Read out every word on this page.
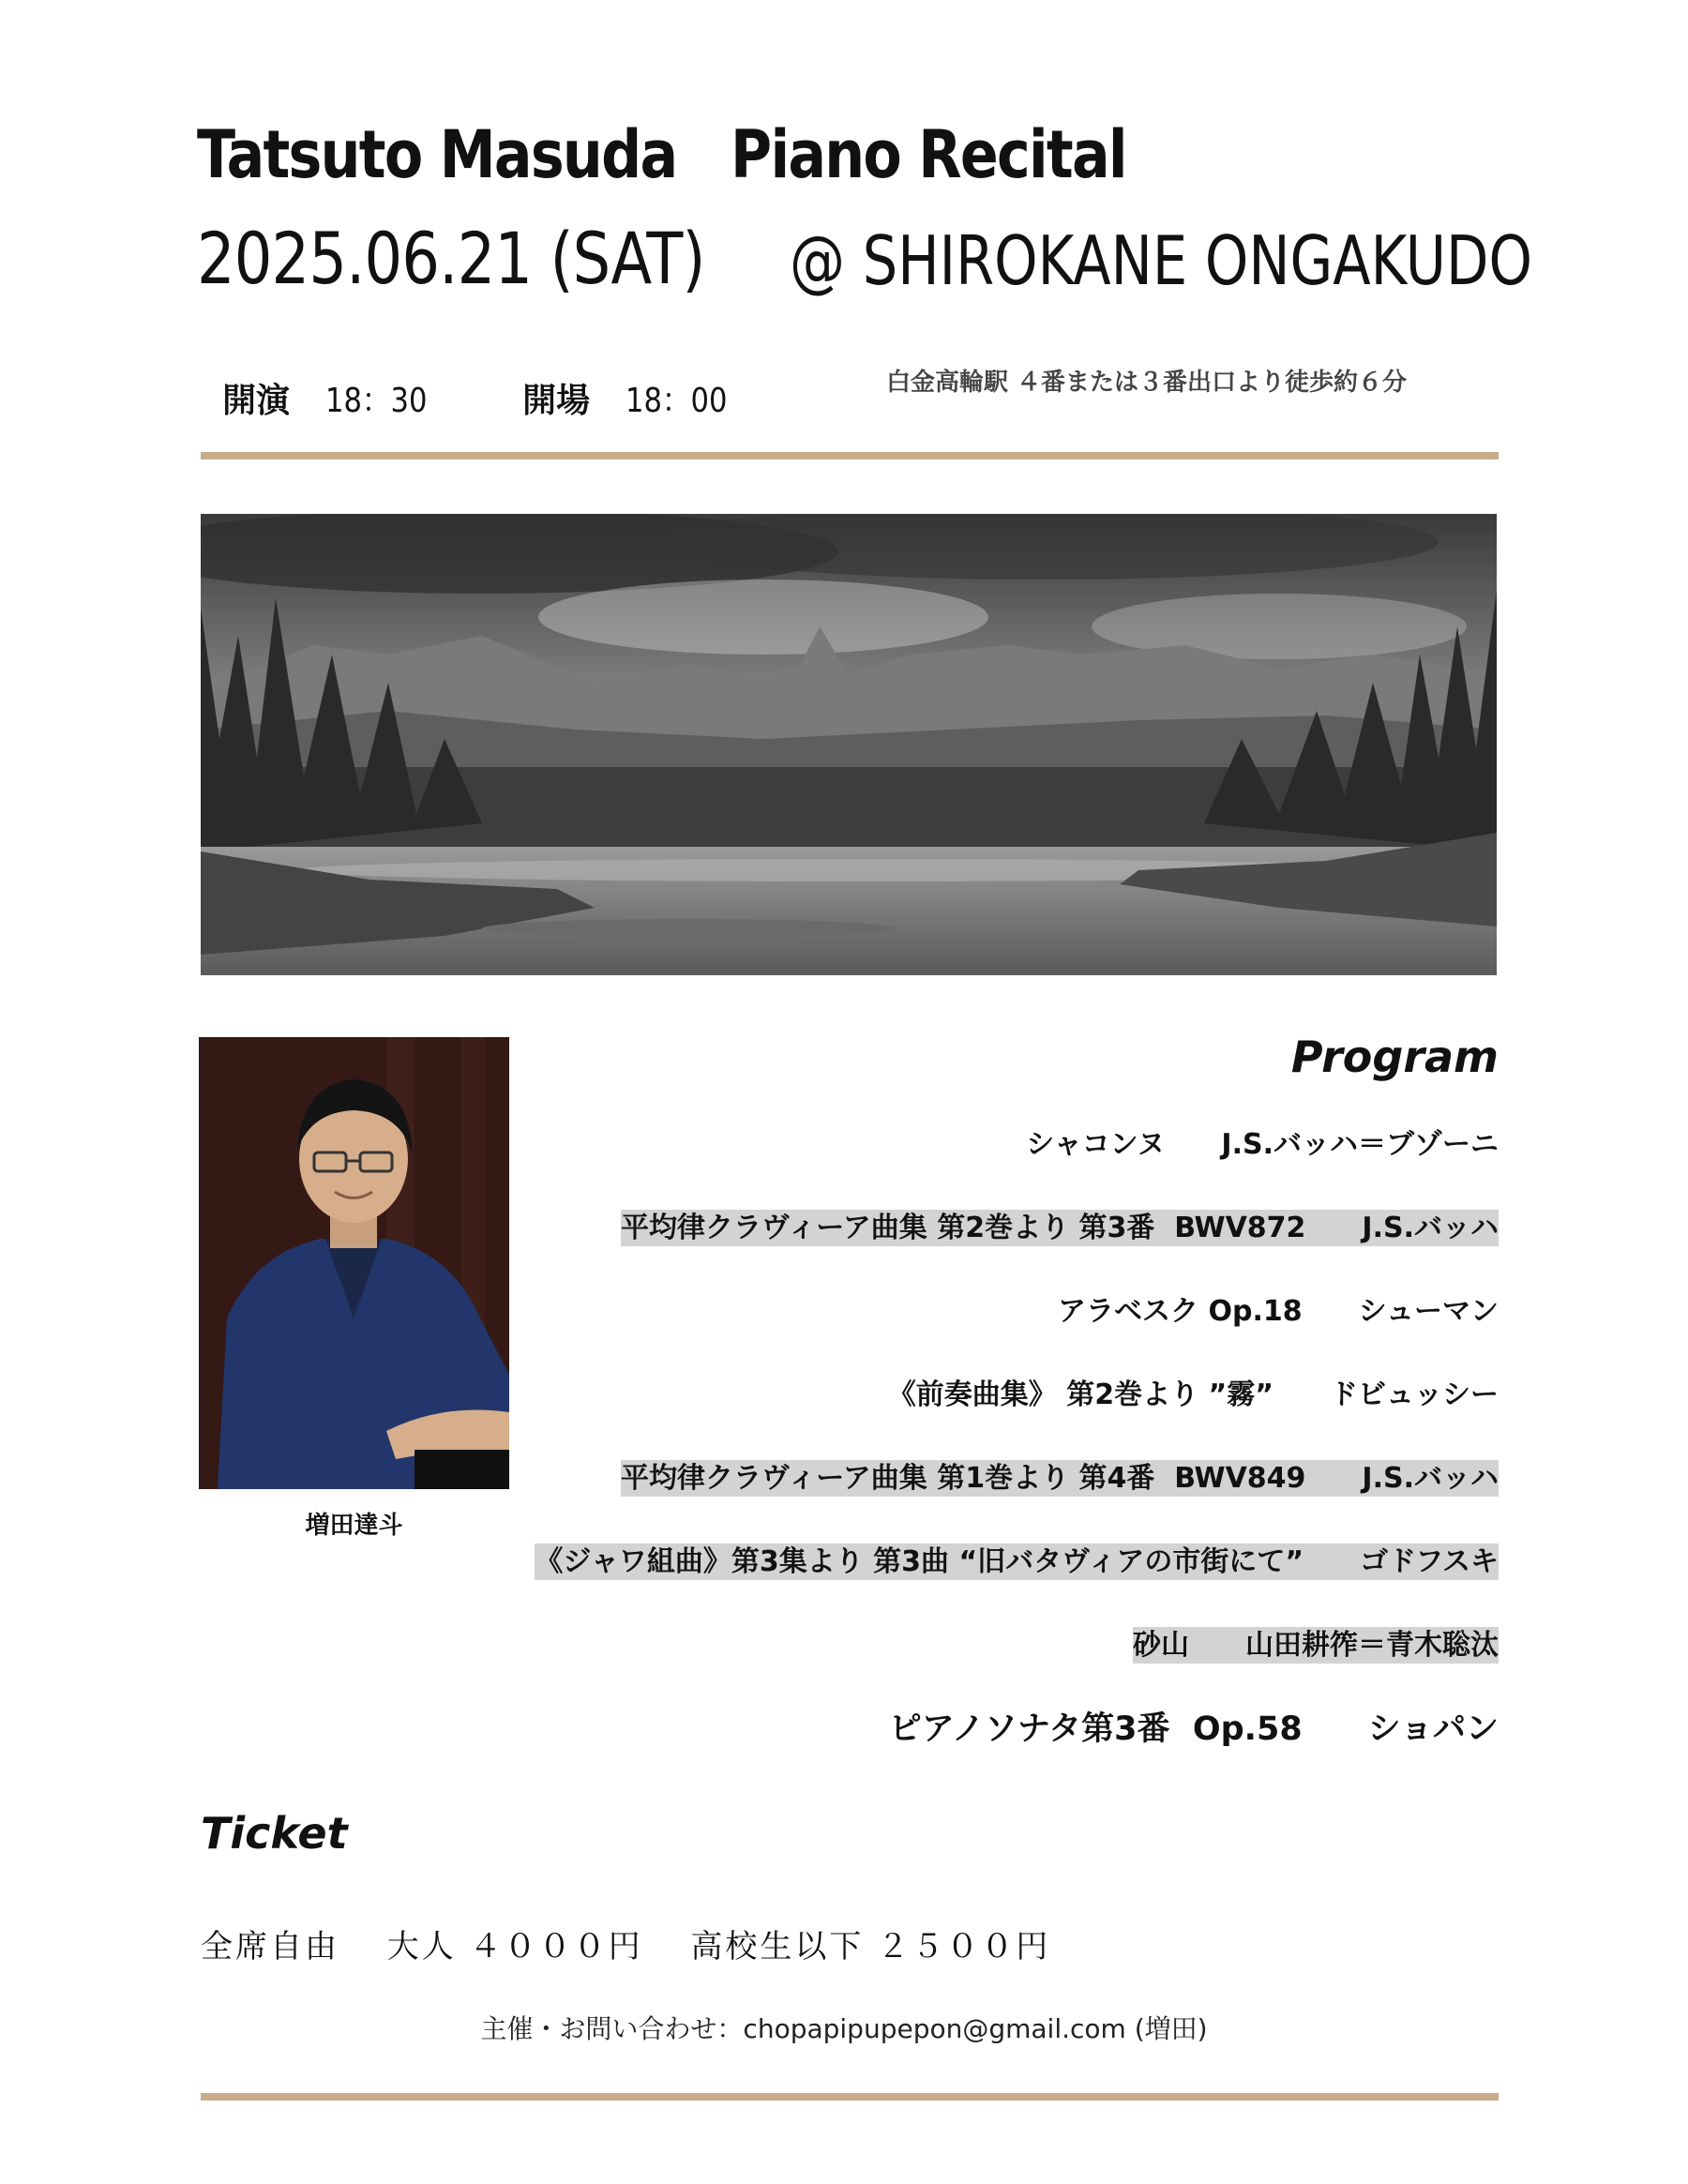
Tatsuto Masuda   Piano Recital
2025.06.21 (SAT) @ SHIROKANE ONGAKUDO

開演 18：30	開場 18：00	白金高輪駅 ４番または３番出口より徒歩約６分
増田達斗
Program
シャコンヌ　　J.S.バッハ＝ブゾーニ
平均律クラヴィーア曲集 第2巻より 第3番  BWV872　　J.S.バッハ
アラベスク Op.18　　シューマン
《前奏曲集》 第2巻より ”霧”　　ドビュッシー
平均律クラヴィーア曲集 第1巻より 第4番  BWV849　　J.S.バッハ
《ジャワ組曲》第3集より 第3曲 “旧バタヴィアの市街にて”　　ゴドフスキ
砂山　　山田耕筰＝青木聡汰
ピアノソナタ第3番  Op.58　　ショパン
Ticket
全席自由　 大人 ４０００円　 高校生以下 ２５００円
主催・お問い合わせ：chopapipupepon@gmail.com (増田)
